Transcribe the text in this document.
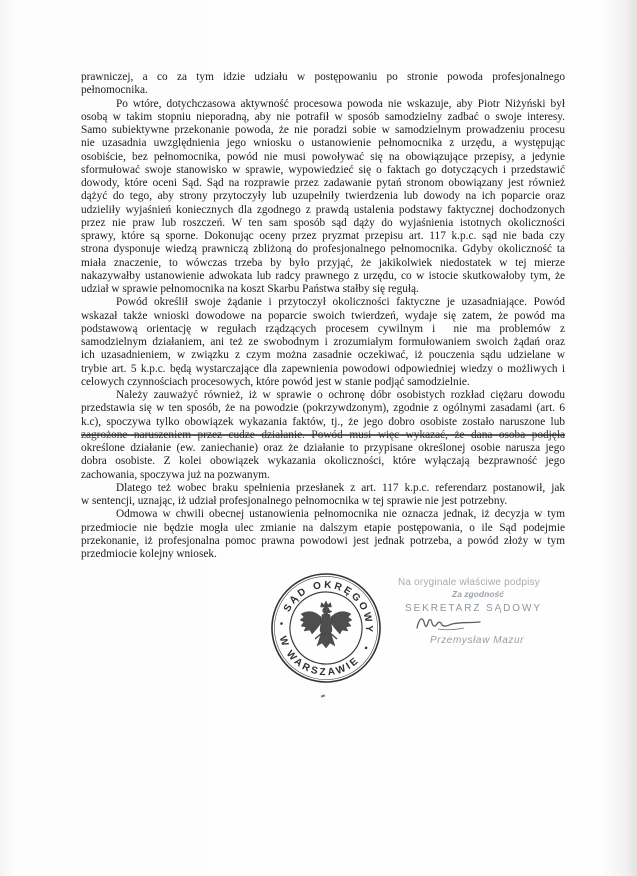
prawniczej, a co za tym idzie udziału w postępowaniu po stronie powoda profesjonalnego
pełnomocnika.
Po wtóre, dotychczasowa aktywność procesowa powoda nie wskazuje, aby Piotr Niżyński był
osobą w takim stopniu nieporadną, aby nie potrafił w sposób samodzielny zadbać o swoje interesy.
Samo subiektywne przekonanie powoda, że nie poradzi sobie w samodzielnym prowadzeniu procesu
nie uzasadnia uwzględnienia jego wniosku o ustanowienie pełnomocnika z urzędu, a występując
osobiście, bez pełnomocnika, powód nie musi powoływać się na obowiązujące przepisy, a jedynie
sformułować swoje stanowisko w sprawie, wypowiedzieć się o faktach go dotyczących i przedstawić
dowody, które oceni Sąd. Sąd na rozprawie przez zadawanie pytań stronom obowiązany jest również
dążyć do tego, aby strony przytoczyły lub uzupełniły twierdzenia lub dowody na ich poparcie oraz
udzieliły wyjaśnień koniecznych dla zgodnego z prawdą ustalenia podstawy faktycznej dochodzonych
przez nie praw lub roszczeń. W ten sam sposób sąd dąży do wyjaśnienia istotnych okoliczności
sprawy, które są sporne. Dokonując oceny przez pryzmat przepisu art. 117 k.p.c. sąd nie bada czy
strona dysponuje wiedzą prawniczą zbliżoną do profesjonalnego pełnomocnika. Gdyby okoliczność ta
miała znaczenie, to wówczas trzeba by było przyjąć, że jakikolwiek niedostatek w tej mierze
nakazywałby ustanowienie adwokata lub radcy prawnego z urzędu, co w istocie skutkowałoby tym, że
udział w sprawie pełnomocnika na koszt Skarbu Państwa stałby się regułą.
Powód określił swoje żądanie i przytoczył okoliczności faktyczne je uzasadniające. Powód
wskazał także wnioski dowodowe na poparcie swoich twierdzeń, wydaje się zatem, że powód ma
podstawową orientację w regułach rządzących procesem cywilnym i  nie ma problemów z
samodzielnym działaniem, ani też ze swobodnym i zrozumiałym formułowaniem swoich żądań oraz
ich uzasadnieniem, w związku z czym można zasadnie oczekiwać, iż pouczenia sądu udzielane w
trybie art. 5 k.p.c. będą wystarczające dla zapewnienia powodowi odpowiedniej wiedzy o możliwych i
celowych czynnościach procesowych, które powód jest w stanie podjąć samodzielnie.
Należy zauważyć również, iż w sprawie o ochronę dóbr osobistych rozkład ciężaru dowodu
przedstawia się w ten sposób, że na powodzie (pokrzywdzonym), zgodnie z ogólnymi zasadami (art. 6
k.c), spoczywa tylko obowiązek wykazania faktów, tj., że jego dobro osobiste zostało naruszone lub
zagrożone naruszeniem przez cudze działanie. Powód musi więc wykazać, że dana osoba podjęła
określone działanie (ew. zaniechanie) oraz że działanie to przypisane określonej osobie narusza jego
dobra osobiste. Z kolei obowiązek wykazania okoliczności, które wyłączają bezprawność jego
zachowania, spoczywa już na pozwanym.
Dlatego też wobec braku spełnienia przesłanek z art. 117 k.p.c. referendarz postanowił, jak
w sentencji, uznając, iż udział profesjonalnego pełnomocnika w tej sprawie nie jest potrzebny.
Odmowa w chwili obecnej ustanowienia pełnomocnika nie oznacza jednak, iż decyzja w tym
przedmiocie nie będzie mogła ulec zmianie na dalszym etapie postępowania, o ile Sąd podejmie
przekonanie, iż profesjonalna pomoc prawna powodowi jest jednak potrzeba, a powód złoży w tym
przedmiocie kolejny wniosek.
SĄD OKRĘGOWY
W WARSZAWIE
Na oryginale właściwe podpisy
Za zgodność
SEKRETARZ SĄDOWY
Przemysław Mazur
